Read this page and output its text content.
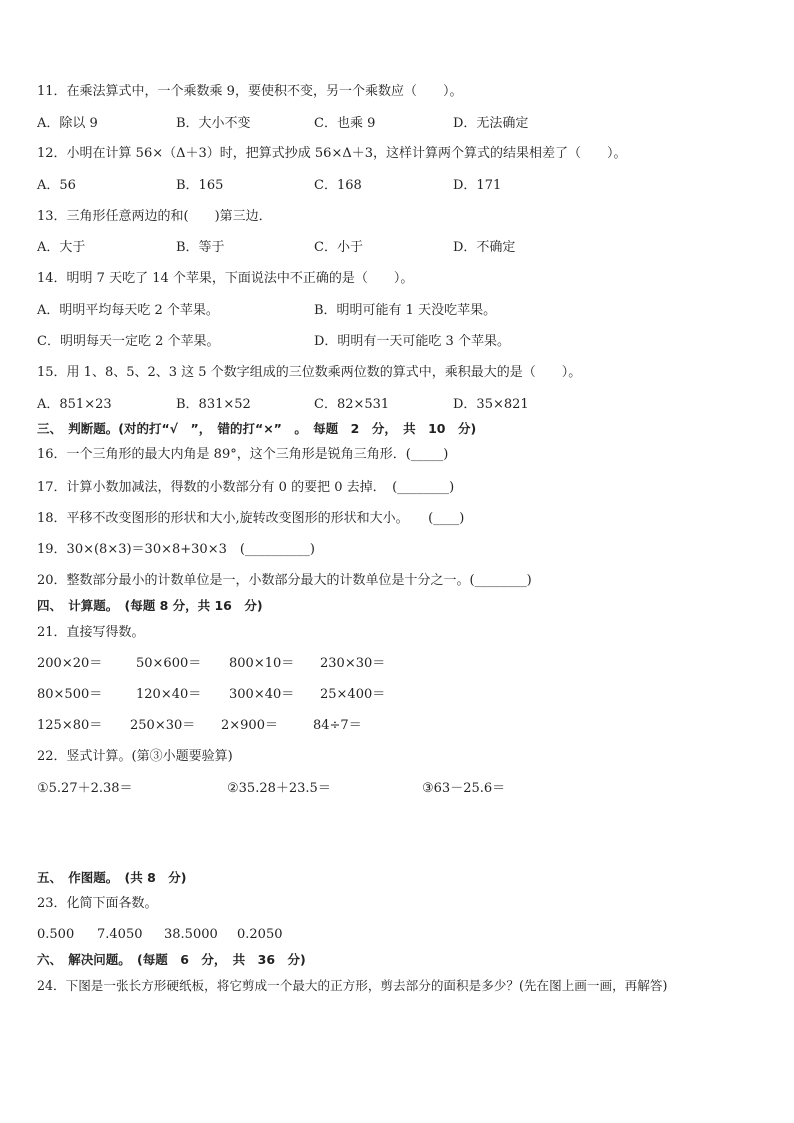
11．在乘法算式中，一个乘数乘 9，要使积不变，另一个乘数应（　　）。
A．除以 9	B．大小不变	C．也乘 9	D．无法确定
12．小明在计算 56×（Δ＋3）时，把算式抄成 56×Δ＋3，这样计算两个算式的结果相差了（　　）。
A．56	B．165	C．168	D．171
13．三角形任意两边的和(　　)第三边．
A．大于	B．等于	C．小于	D．不确定
14．明明 7 天吃了 14 个苹果，下面说法中不正确的是（　　）。
A．明明平均每天吃 2 个苹果。	B．明明可能有 1 天没吃苹果。
C．明明每天一定吃 2 个苹果。	D．明明有一天可能吃 3 个苹果。
15．用 1、8、5、2、3 这 5 个数字组成的三位数乘两位数的算式中，乘积最大的是（　　）。
A．851×23	B．831×52	C．82×531	D．35×821
三、　判断题。(对的打“√　”，　错的打“×”　。　每题　2　分，　共　10　分)
16．一个三角形的最大内角是 89°，这个三角形是锐角三角形．(_____)
17．计算小数加减法，得数的小数部分有 0 的要把 0 去掉．　(________)
18．平移不改变图形的形状和大小,旋转改变图形的形状和大小。　　(____)
19．30×(8×3)＝30×8+30×3　(__________)
20．整数部分最小的计数单位是一，小数部分最大的计数单位是十分之一。(________)
四、　计算题。　(每题 8 分，共 16　分)
21．直接写得数。
200×20＝	50×600＝ 800×10＝ 230×30＝
80×500＝	120×40＝ 300×40＝ 25×400＝
125×80＝ 250×30＝ 2×900＝	84÷7＝
22．竖式计算。(第③小题要验算)
①5.27＋2.38＝	②35.28＋23.5＝	③63－25.6＝
五、　作图题。　(共 8　分)
23．化简下面各数。
0.500 7.4050 38.5000 0.2050
六、　解决问题。　(每题　6　分，　共　36　分)
24．下图是一张长方形硬纸板，将它剪成一个最大的正方形，剪去部分的面积是多少？(先在图上画一画，再解答)
